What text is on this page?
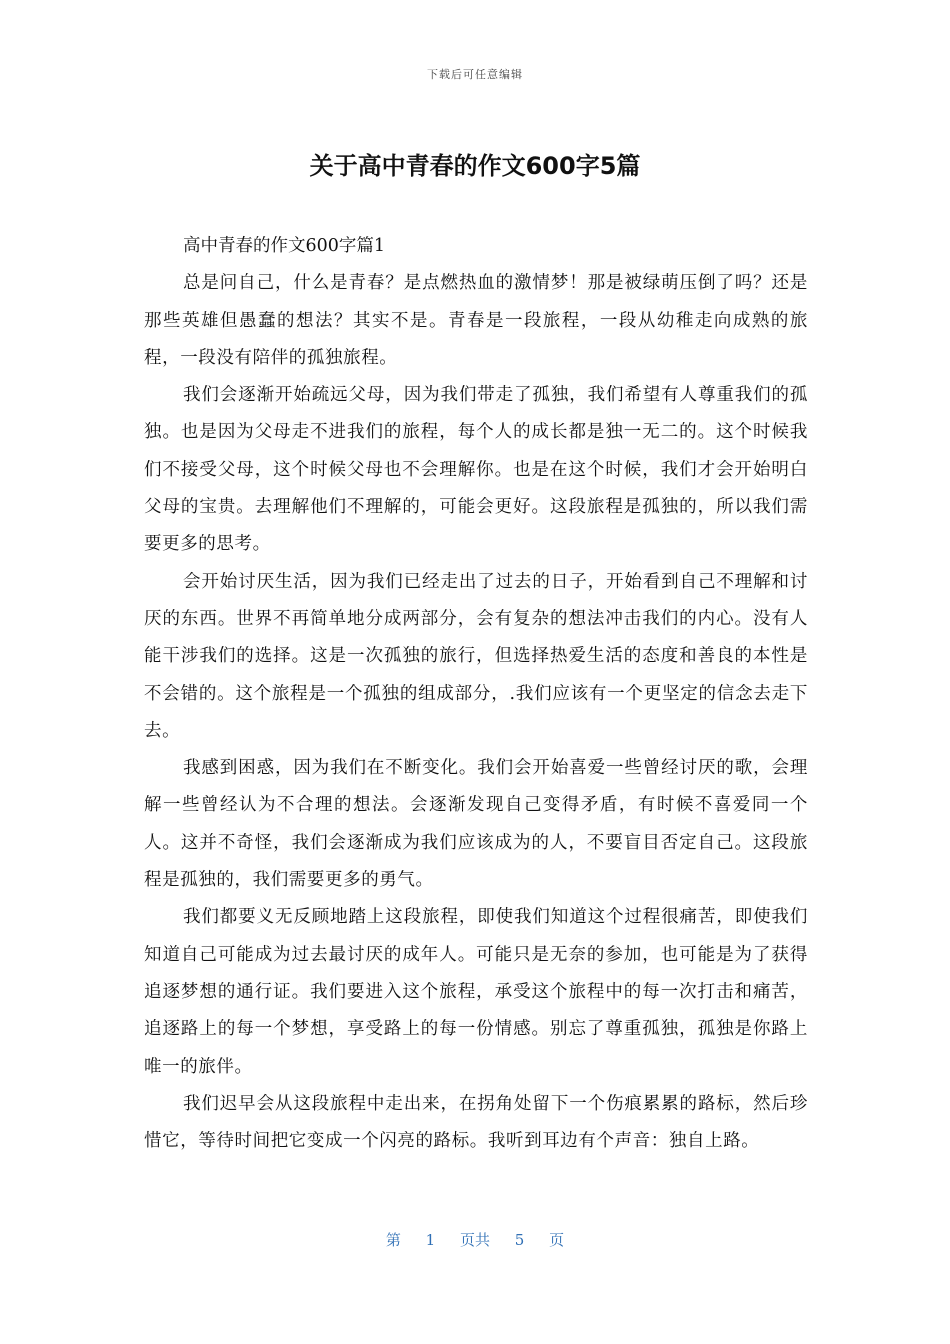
下载后可任意编辑
关于高中青春的作文600字5篇

高中青春的作文600字篇1

总是问自己，什么是青春？是点燃热血的激情梦！那是被绿萌压倒了吗？还是那些英雄但愚蠢的想法？其实不是。青春是一段旅程，一段从幼稚走向成熟的旅程，一段没有陪伴的孤独旅程。

我们会逐渐开始疏远父母，因为我们带走了孤独，我们希望有人尊重我们的孤独。也是因为父母走不进我们的旅程，每个人的成长都是独一无二的。这个时候我们不接受父母，这个时候父母也不会理解你。也是在这个时候，我们才会开始明白父母的宝贵。去理解他们不理解的，可能会更好。这段旅程是孤独的，所以我们需要更多的思考。

会开始讨厌生活，因为我们已经走出了过去的日子，开始看到自己不理解和讨厌的东西。世界不再简单地分成两部分，会有复杂的想法冲击我们的内心。没有人能干涉我们的选择。这是一次孤独的旅行，但选择热爱生活的态度和善良的本性是不会错的。这个旅程是一个孤独的组成部分，.我们应该有一个更坚定的信念去走下去。

我感到困惑，因为我们在不断变化。我们会开始喜爱一些曾经讨厌的歌，会理解一些曾经认为不合理的想法。会逐渐发现自己变得矛盾，有时候不喜爱同一个人。这并不奇怪，我们会逐渐成为我们应该成为的人，不要盲目否定自己。这段旅程是孤独的，我们需要更多的勇气。

我们都要义无反顾地踏上这段旅程，即使我们知道这个过程很痛苦，即使我们知道自己可能成为过去最讨厌的成年人。可能只是无奈的参加，也可能是为了获得追逐梦想的通行证。我们要进入这个旅程，承受这个旅程中的每一次打击和痛苦，追逐路上的每一个梦想，享受路上的每一份情感。别忘了尊重孤独，孤独是你路上唯一的旅伴。

我们迟早会从这段旅程中走出来，在拐角处留下一个伤痕累累的路标，然后珍惜它，等待时间把它变成一个闪亮的路标。我听到耳边有个声音：独自上路。

第 1 页共 5 页
